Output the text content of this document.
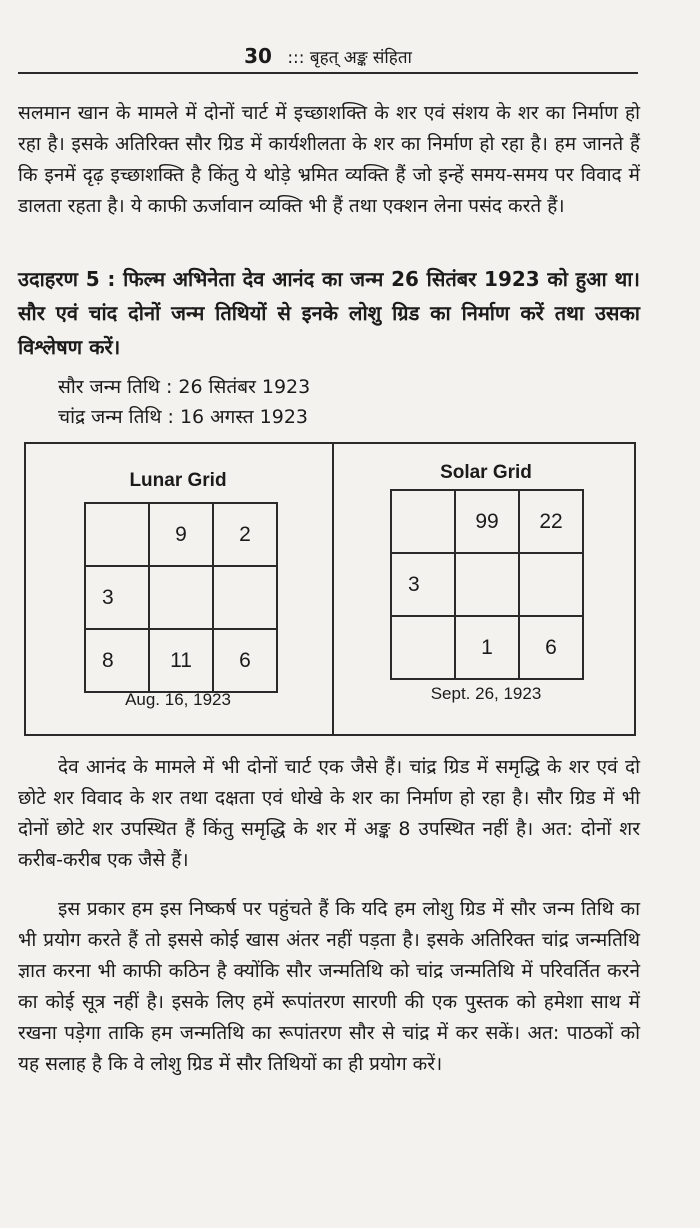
30 ::: बृहत् अङ्क संहिता

सलमान खान के मामले में दोनों चार्ट में इच्छाशक्ति के शर एवं संशय के शर का निर्माण हो रहा है। इसके अतिरिक्त सौर ग्रिड में कार्यशीलता के शर का निर्माण हो रहा है। हम जानते हैं कि इनमें दृढ़ इच्छाशक्ति है किंतु ये थोड़े भ्रमित व्यक्ति हैं जो इन्हें समय-समय पर विवाद में डालता रहता है। ये काफी ऊर्जावान व्यक्ति भी हैं तथा एक्शन लेना पसंद करते हैं।

उदाहरण 5 : फिल्म अभिनेता देव आनंद का जन्म 26 सितंबर 1923 को हुआ था। सौर एवं चांद दोनों जन्म तिथियों से इनके लोशु ग्रिड का निर्माण करें तथा उसका विश्लेषण करें।

सौर जन्म तिथि : 26 सितंबर 1923
चांद्र जन्म तिथि : 16 अगस्त 1923
Lunar Grid
	9	2
3		
8	11	6
Aug. 16, 1923
Solar Grid
	99	22
3		
	1	6
Sept. 26, 1923

देव आनंद के मामले में भी दोनों चार्ट एक जैसे हैं। चांद्र ग्रिड में समृद्धि के शर एवं दो छोटे शर विवाद के शर तथा दक्षता एवं धोखे के शर का निर्माण हो रहा है। सौर ग्रिड में भी दोनों छोटे शर उपस्थित हैं किंतु समृद्धि के शर में अङ्क 8 उपस्थित नहीं है। अत: दोनों शर करीब-करीब एक जैसे हैं।

इस प्रकार हम इस निष्कर्ष पर पहुंचते हैं कि यदि हम लोशु ग्रिड में सौर जन्म तिथि का भी प्रयोग करते हैं तो इससे कोई खास अंतर नहीं पड़ता है। इसके अतिरिक्त चांद्र जन्मतिथि ज्ञात करना भी काफी कठिन है क्योंकि सौर जन्मतिथि को चांद्र जन्मतिथि में परिवर्तित करने का कोई सूत्र नहीं है। इसके लिए हमें रूपांतरण सारणी की एक पुस्तक को हमेशा साथ में रखना पड़ेगा ताकि हम जन्मतिथि का रूपांतरण सौर से चांद्र में कर सकें। अत: पाठकों को यह सलाह है कि वे लोशु ग्रिड में सौर तिथियों का ही प्रयोग करें।
